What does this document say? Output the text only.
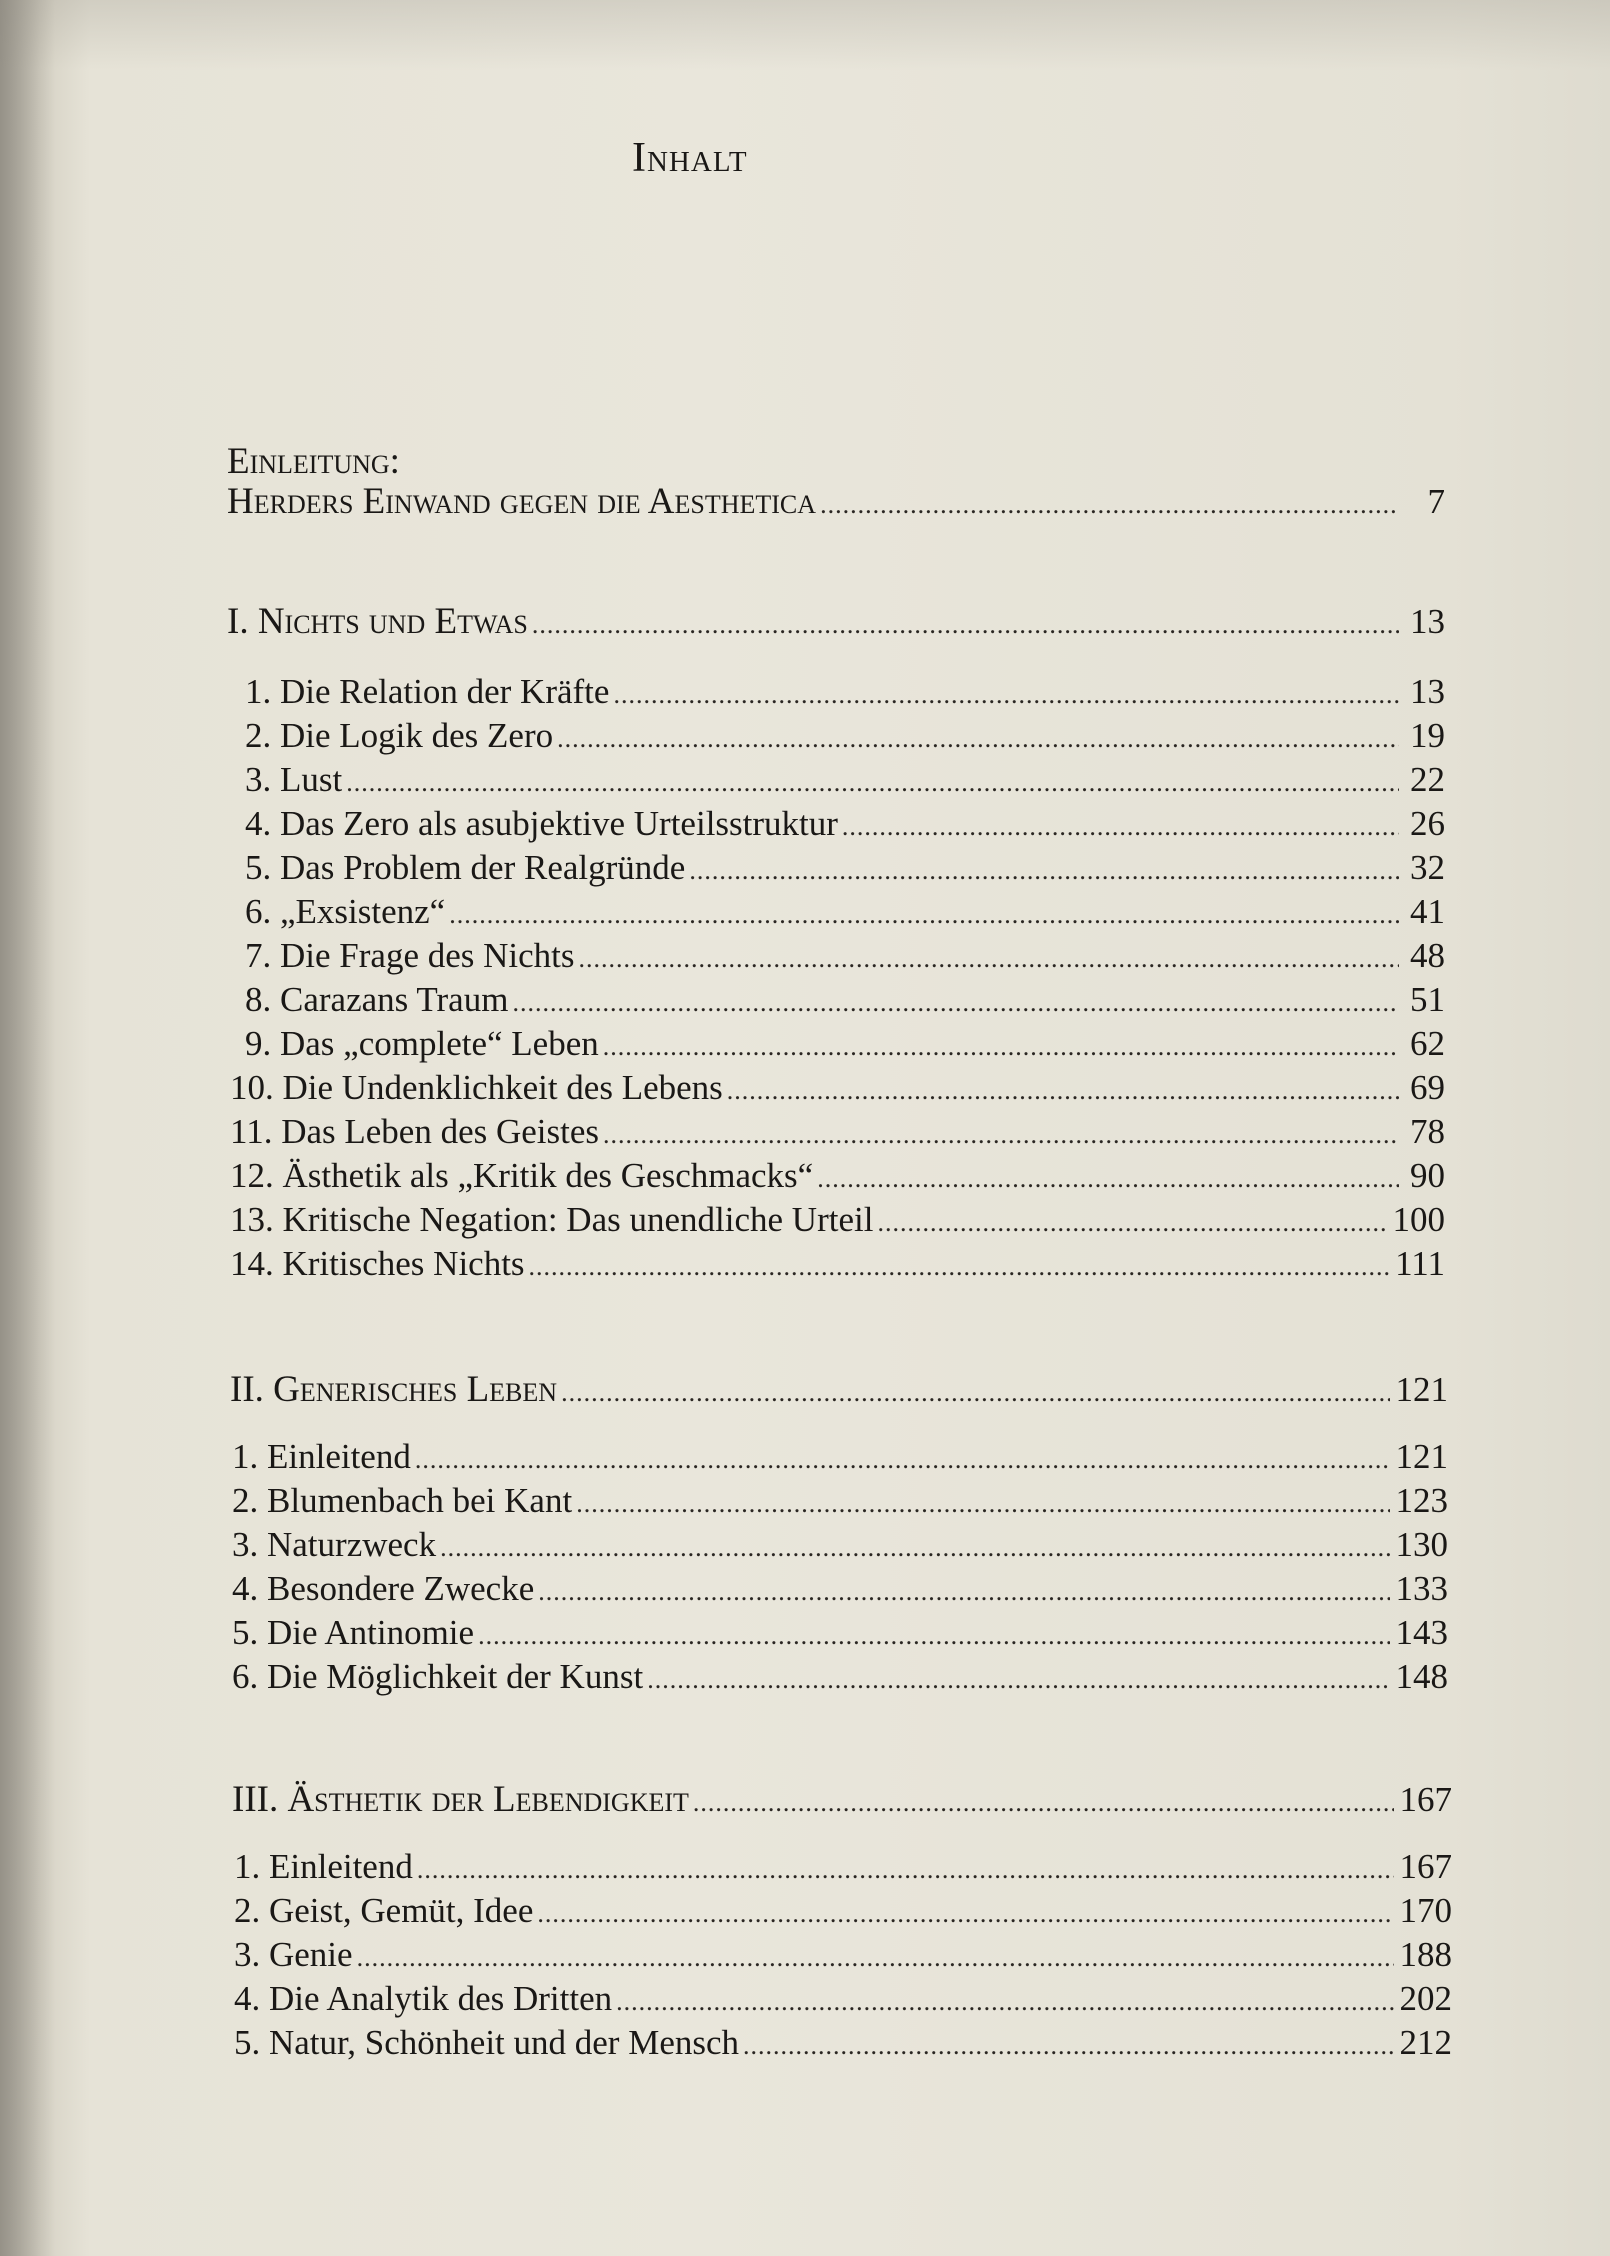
Inhalt
Einleitung:
Herders Einwand gegen die Aesthetica .....	7
I. Nichts und Etwas .....	13
1. Die Relation der Kräfte .....	13
2. Die Logik des Zero .....	19
3. Lust .....	22
4. Das Zero als asubjektive Urteilsstruktur .....	26
5. Das Problem der Realgründe .....	32
6. „Exsistenz“ .....	41
7. Die Frage des Nichts .....	48
8. Carazans Traum .....	51
9. Das „complete“ Leben .....	62
10. Die Undenklichkeit des Lebens .....	69
11. Das Leben des Geistes .....	78
12. Ästhetik als „Kritik des Geschmacks“ .....	90
13. Kritische Negation: Das unendliche Urteil .....	100
14. Kritisches Nichts .....	111
II. Generisches Leben .....	121
1. Einleitend .....	121
2. Blumenbach bei Kant .....	123
3. Naturzweck .....	130
4. Besondere Zwecke .....	133
5. Die Antinomie .....	143
6. Die Möglichkeit der Kunst .....	148
III. Ästhetik der Lebendigkeit .....	167
1. Einleitend .....	167
2. Geist, Gemüt, Idee .....	170
3. Genie .....	188
4. Die Analytik des Dritten .....	202
5. Natur, Schönheit und der Mensch .....	212
